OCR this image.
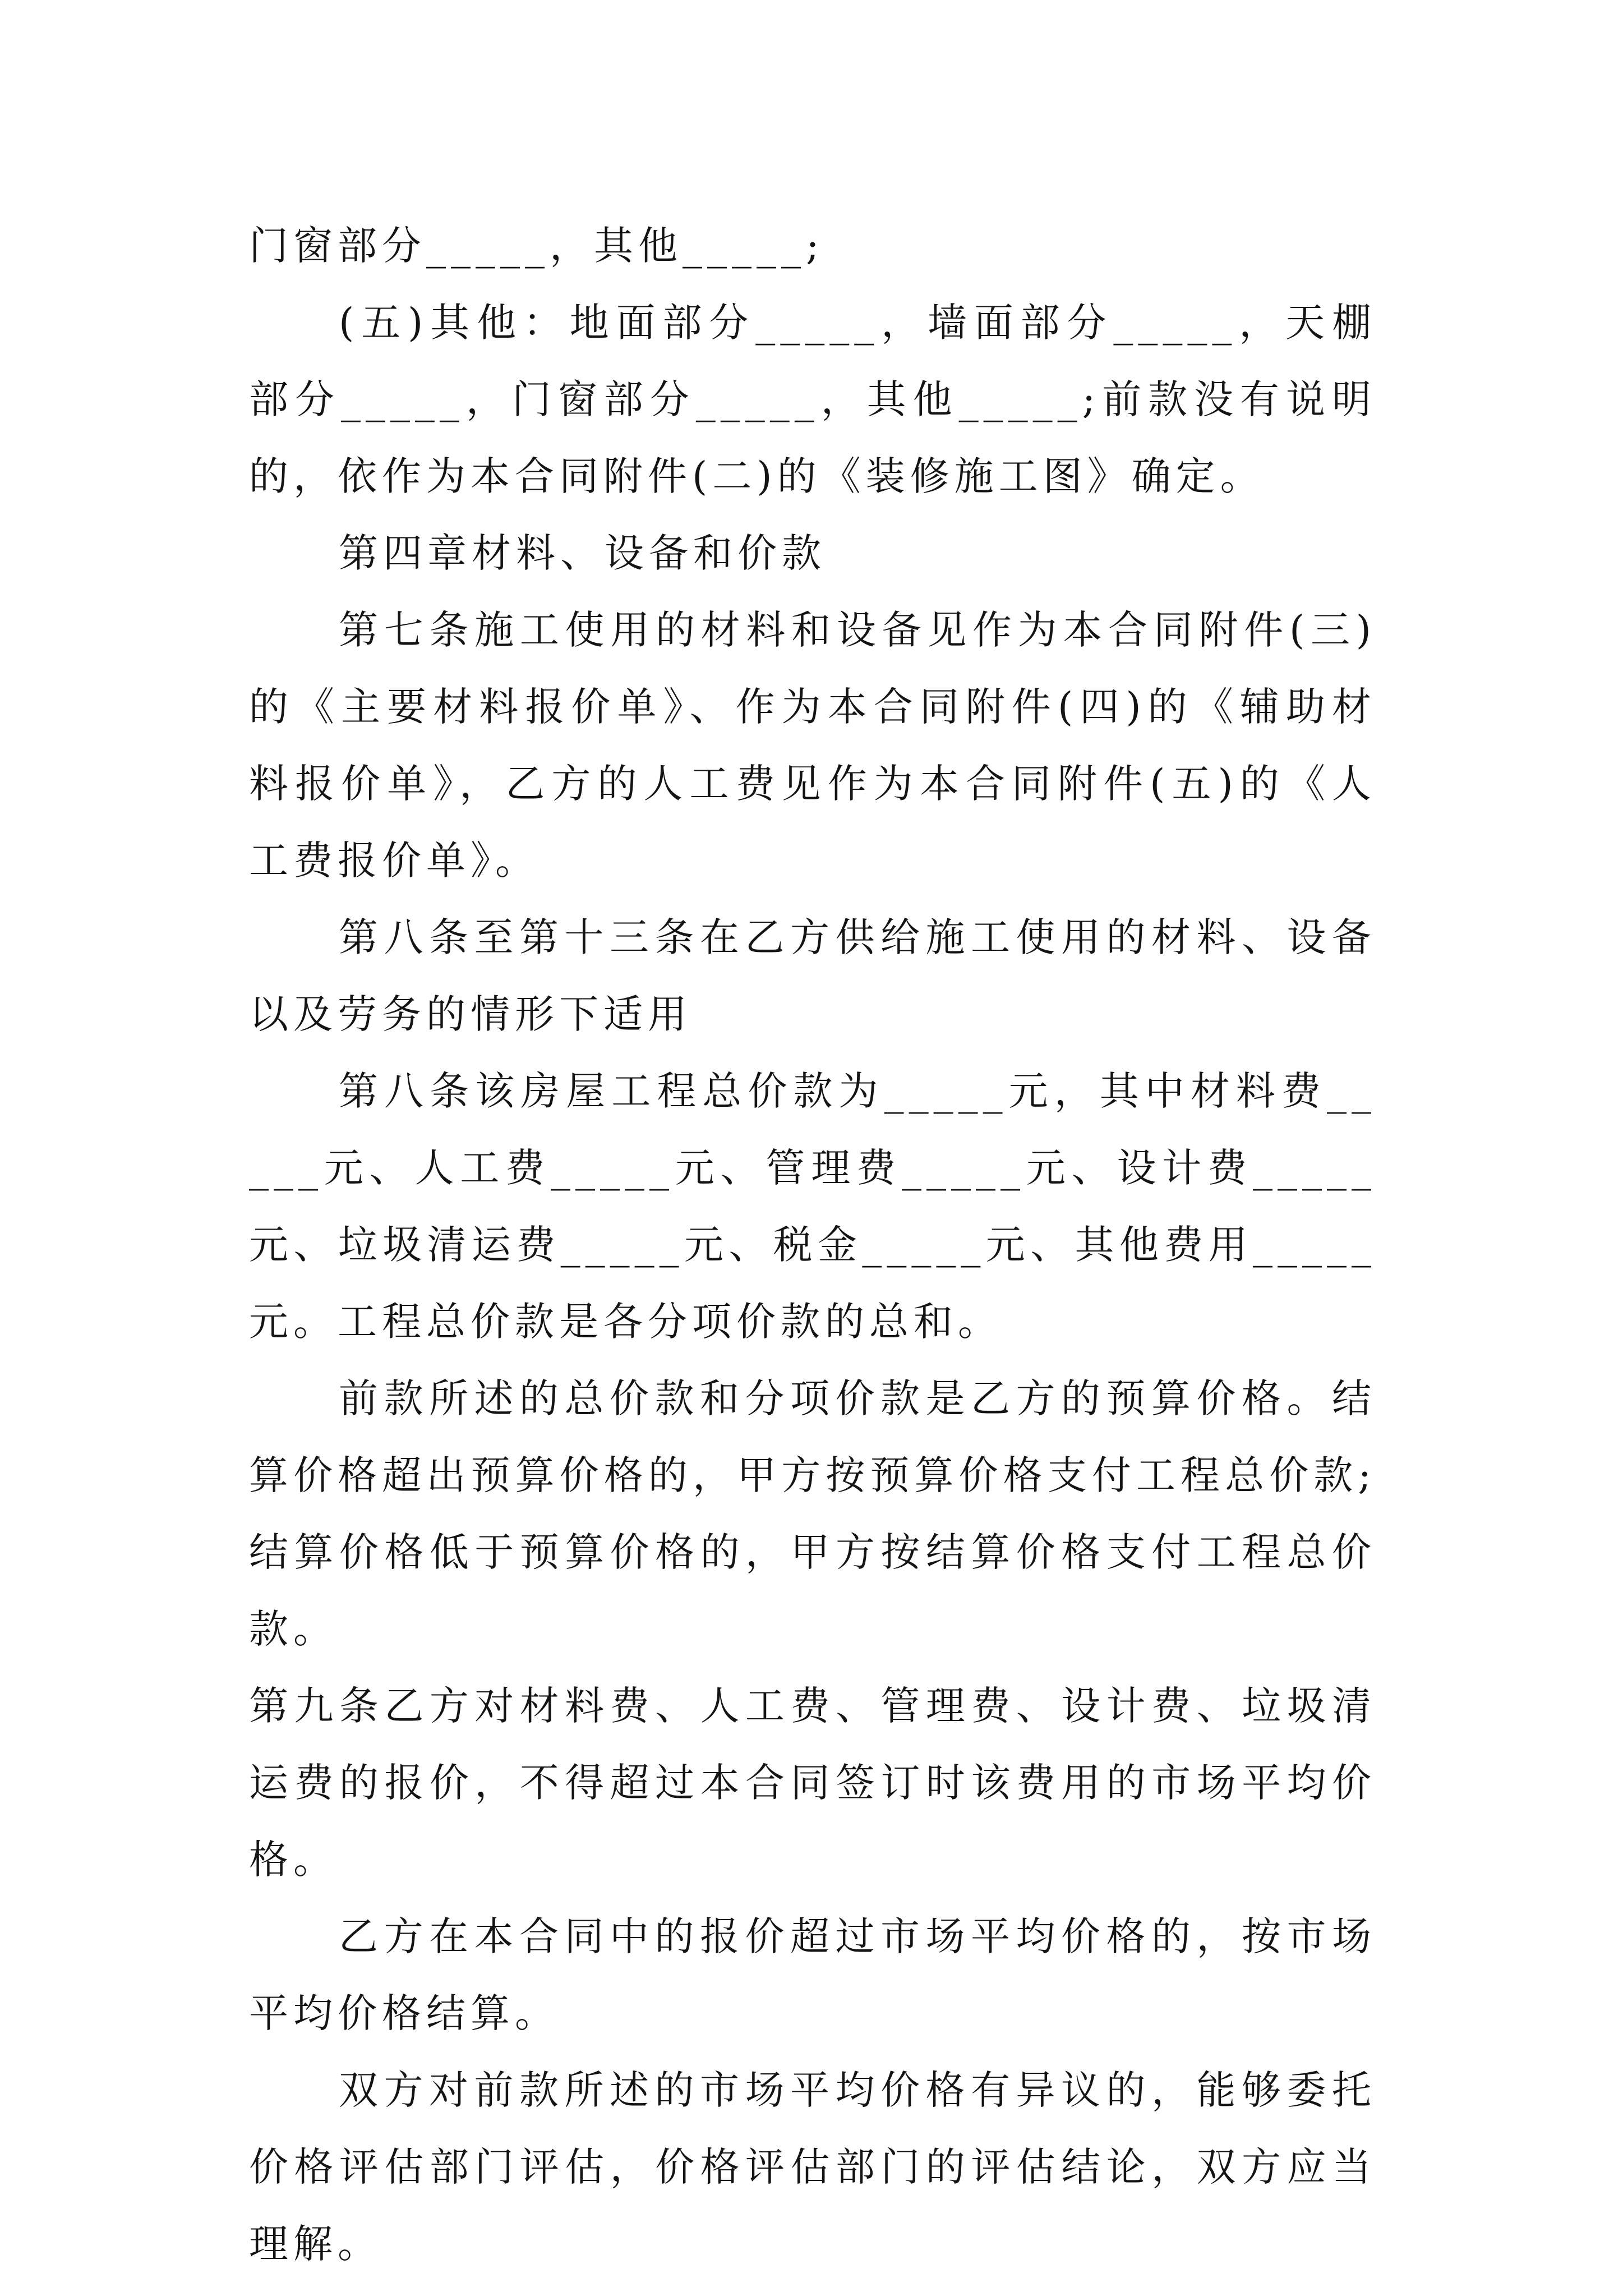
门窗部分_____，其他_____;

(五)其他：地面部分_____，墙面部分_____，天棚部分_____，门窗部分_____，其他_____;前款没有说明的，依作为本合同附件(二)的《装修施工图》确定。

第四章材料、设备和价款

第七条施工使用的材料和设备见作为本合同附件(三)的《主要材料报价单》、作为本合同附件(四)的《辅助材料报价单》，乙方的人工费见作为本合同附件(五)的《人工费报价单》。

第八条至第十三条在乙方供给施工使用的材料、设备以及劳务的情形下适用

第八条该房屋工程总价款为_____元，其中材料费_____元、人工费_____元、管理费_____元、设计费_____元、垃圾清运费_____元、税金_____元、其他费用_____元。工程总价款是各分项价款的总和。

前款所述的总价款和分项价款是乙方的预算价格。结算价格超出预算价格的，甲方按预算价格支付工程总价款;结算价格低于预算价格的，甲方按结算价格支付工程总价款。

第九条乙方对材料费、人工费、管理费、设计费、垃圾清运费的报价，不得超过本合同签订时该费用的市场平均价格。

乙方在本合同中的报价超过市场平均价格的，按市场平均价格结算。

双方对前款所述的市场平均价格有异议的，能够委托价格评估部门评估，价格评估部门的评估结论，双方应当理解。
